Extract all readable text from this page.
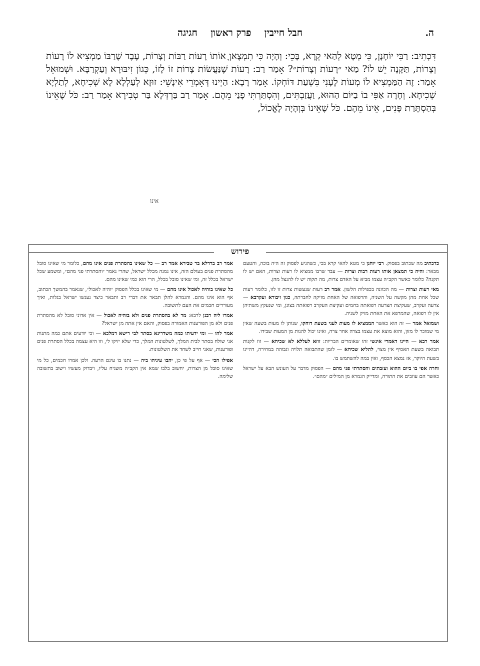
ה.
חבל חייבין    פרק ראשון    חגיגה

דִּכְתִיב: רַבִּי יוֹחָנָן, כִּי מְטָא לְהַאי קְרָא, בָּכֵי: וְהָיָה כִּי תִמְצֶאןָ אוֹתוֹ רָעוֹת רַבּוֹת וְצָרוֹת, עֶבֶד שֶׁרַבּוֹ מַמְצִיא לוֹ רָעוֹת וְצָרוֹת, תַּקָּנָה יֵשׁ לוֹ? מַאי ״רָעוֹת וְצָרוֹת״? אָמַר רַב: רָעוֹת שֶׁנַּעֲשׂוֹת צָרוֹת זוֹ לָזוֹ, כְּגוֹן זִיבּוּרָא וְעַקְרַבָּא. וּשְׁמוּאֵל אָמַר: זֶה הַמַּמְצִיא לוֹ מְעוֹת לֶעָנִי בִּשְׁעַת דּוֹחְקוֹ. אָמַר רָבָא: הַיְינוּ דְּאָמְרֵי אִינָשֵׁי: זוּזָא לְעַלְלָא לָא שְׁכִיחָא, לְתַלְיָא שְׁכִיחָא. וְחָרָה אַפִּי בוֹ בַיּוֹם הַהוּא, וַעֲזַבְתִּים, וְהִסְתַּרְתִּי פָנַי מֵהֶם. אָמַר רַב בַּרְדְּלָא בַּר טְבִירָא אָמַר רַב: כֹּל שֶׁאֵינוֹ בְּהַסְתָּרַת פָּנִים, אֵינוֹ מֵהֶם. כֹּל שֶׁאֵינוֹ בְּוְהָיָה לֶאֱכוֹל,

אינו
פירוש

כדכתיב מה שכתוב בפסוק. רבי יוחנן כי מטא להאי קרא בכי, כשהגיע לפסוק זה היה בוכה, והטעם מבאר: והיה כי תמצאן אותו רעות רבות וצרות — עבד שרבו ממציא לו רעות וצרות, האם יש לו תקנה? כלומר כאשר הקב״ה עצמו מביא על האדם צרות, מה תקוה יש לו להנצל מהן.

מאי רעות וצרות — מה הכוונה בכפילות הלשון. אמר רב רעות שנעשות צרות זו לזו, כלומר רעות שכל אחת מהן מקשה על השניה, והרפואה של האחת מזיקה לחברתה, כגון זיבורא ועקרבא — צרעה ועקרב, שעקיצת הצרעה רפואתה בחמים ועקיצת העקרב רפואתה בצונן, ומי שנעקץ משתיהן אין לו רפואה, שהמרפא את האחת מזיק לשניה.

ושמואל אמר — זה הוא כאשר הממציא לו מעות לעני בשעת דוחקו, שנותן לו מעות בשעה שאין מי שמוכר לו מזון, והוא מוצא את עצמו בצרה אחר צרה, ואינו יכול להנות מן המעות שבידו.

אמר רבא — היינו דאמרי אינשי זהו שאומרים הבריות: זוזא לעללא לא שכיחא — זוז לקנות תבואה בשעת האסיף אין מצוי, לתליא שכיחא — לזמן שהתבואה תלויה וגבוהה במחירה, דהיינו בשעת היוקר, אז נמצא הכסף, ואין במה להשתמש בו.

וחרה אפי בו ביום ההוא ועזבתים והסתרתי פני מהם — הפסוק מדבר על העונש הבא על ישראל כאשר הם עוזבים את התורה, ומדייק הגמרא מן המילים ״מהם״.

אמר רב ברדלא בר טבירא אמר רב — כל שאינו בהסתרת פנים אינו מהם, כלומר מי שאינו סובל מהסתרת פנים בעולם הזה, אינו נמנה מכלל ישראל, שהרי נאמר ״והסתרתי פני מהם״, ומשמע שכל ישראל בכלל זה, ומי שאינו סובל בכלל, הרי הוא כמי שאינו מהם.

כל שאינו בוהיה לאכול אינו מהם — מי שאינו בכלל הפסוק ״והיה לאכול״, שנאמר בהמשך הכתוב, אף הוא אינו מהם. והגמרא להלן תבאר את דברי רב ותבאר כיצד נענשו ישראל בגלות, ואיך מעוררים חכמים את העם לתשובה.

אמרו ליה רבנן לרבא: מר לא בהסתרת פנים ולא בוהיה לאכול — אין אדוני סובל לא מהסתרת פנים ולא מן הפורענות האמורה בפסוק, והאם אין אתה מן ישראל?

אמר להו — ומי ידעיתו כמה משדרינא בסתר לבי רישא דמלכא — וכי יודעים אתם כמה מתנות אני שולח בסתר לבית המלך, לשלטונות המלך, כדי שלא יזיקו לי, וזו היא עצמה בכלל הסתרת פנים ופורענות, שאני חייב לשחד את השלטונות.

אפילו הכי — אף על פי כן, יהבו עיניהו ביה — נתנו בו עינם הרעה. ולכן אמרו חכמים, כל מי שאינו סובל מן הצרות, יחשוב בלבו שמא אין הקב״ה משגיח עליו, ויבדוק מעשיו וישוב בתשובה שלימה.
